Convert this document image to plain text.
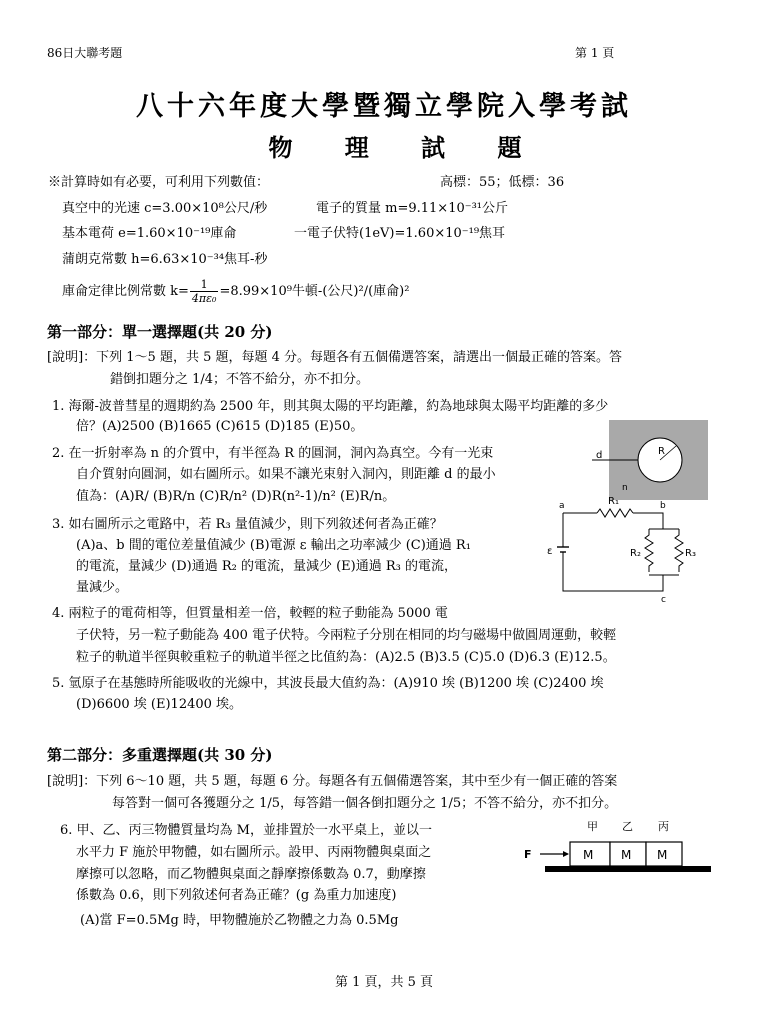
86日大聯考題	第 1 頁
八十六年度大學暨獨立學院入學考試
物 理 試 題
※計算時如有必要，可利用下列數值：	高標：55；低標：36
真空中的光速 c=3.00×10⁸公尺/秒	電子的質量 m=9.11×10⁻³¹公斤
基本電荷 e=1.60×10⁻¹⁹庫侖	一電子伏特(1eV)=1.60×10⁻¹⁹焦耳
蒲朗克常數 h=6.63×10⁻³⁴焦耳-秒
庫侖定律比例常數 $k= \frac{1}{\text{4πε₀}} =8.99\times 10^9$牛頓-(公尺)²/(庫侖)²
第一部分：單一選擇題(共 20 分)
[說明]：下列 1～5 題，共 5 題，每題 4 分。每題各有五個備選答案，請選出一個最正確的答案。答
錯倒扣題分之 1/4；不答不給分，亦不扣分。
1. 海爾-波普彗星的週期約為 2500 年，則其與太陽的平均距離，約為地球與太陽平均距離的多少
倍？(A)2500 (B)1665 (C)615 (D)185 (E)50。
2. 在一折射率為 n 的介質中，有半徑為 R 的圓洞，洞內為真空。今有一光束
自介質射向圓洞，如右圖所示。如果不讓光束射入洞內，則距離 d 的最小
值為：(A)R/ (B)R/n (C)R/n² (D)R(n²-1)/n² (E)R/n。
3. 如右圖所示之電路中，若 R₃ 量值減少，則下列敘述何者為正確？
(A)a、b 間的電位差量值減少 (B)電源 ε 輸出之功率減少 (C)通過 R₁
的電流，量減少 (D)通過 R₂ 的電流，量減少 (E)通過 R₃ 的電流，
量減少。
4. 兩粒子的電荷相等，但質量相差一倍，較輕的粒子動能為 5000 電
子伏特，另一粒子動能為 400 電子伏特。今兩粒子分別在相同的均勻磁場中做圓周運動，較輕
粒子的軌道半徑與較重粒子的軌道半徑之比值約為：(A)2.5 (B)3.5 (C)5.0 (D)6.3 (E)12.5。
5. 氫原子在基態時所能吸收的光線中，其波長最大值約為：(A)910 埃 (B)1200 埃 (C)2400 埃
(D)6600 埃 (E)12400 埃。
R
d
n
a	b
c
ε
R₁
R₂	R₃
第二部分：多重選擇題(共 30 分)
[說明]：下列 6～10 題，共 5 題，每題 6 分。每題各有五個備選答案，其中至少有一個正確的答案
每答對一個可各獲題分之 1/5，每答錯一個各倒扣題分之 1/5；不答不給分，亦不扣分。
6. 甲、乙、丙三物體質量均為 M，並排置於一水平桌上，並以一
水平力 F 施於甲物體，如右圖所示。設甲、丙兩物體與桌面之
摩擦可以忽略，而乙物體與桌面之靜摩擦係數為 0.7，動摩擦
係數為 0.6，則下列敘述何者為正確？(g 為重力加速度)
(A)當 F=0.5Mg 時，甲物體施於乙物體之力為 0.5Mg
甲 乙 丙
M M M
F
第 1 頁，共 5 頁
